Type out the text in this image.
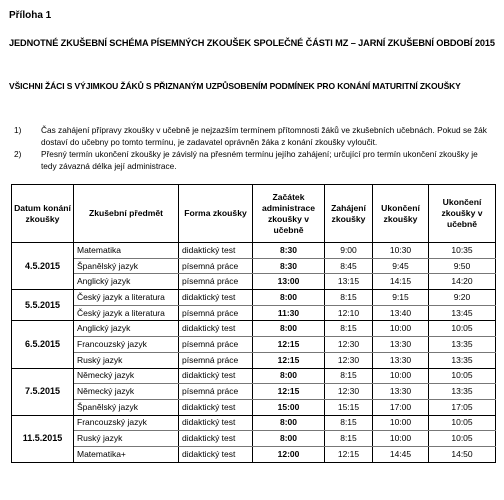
Příloha 1
JEDNOTNÉ ZKUŠEBNÍ SCHÉMA PÍSEMNÝCH ZKOUŠEK SPOLEČNÉ ČÁSTI MZ – JARNÍ ZKUŠEBNÍ OBDOBÍ 2015
VŠICHNI ŽÁCI S VÝJIMKOU ŽÁKŮ S PŘIZNANÝM UZPŮSOBENÍM PODMÍNEK PRO KONÁNÍ MATURITNÍ ZKOUŠKY
1) Čas zahájení přípravy zkoušky v učebně je nejzazším termínem přítomnosti žáků ve zkušebních učebnách. Pokud se žák dostaví do učebny po tomto termínu, je zadavatel oprávněn žáka z konání zkoušky vyloučit.
2) Přesný termín ukončení zkoušky je závislý na přesném termínu jejího zahájení; určující pro termín ukončení zkoušky je tedy závazná délka její administrace.
Datum konání zkoušky	Zkušební předmět	Forma zkoušky	Začátek administrace zkoušky v učebně	Zahájení zkoušky	Ukončení zkoušky	Ukončení zkoušky v učebně
4.5.2015	Matematika	didaktický test	8:30	9:00	10:30	10:35
	Španělský jazyk	písemná práce	8:30	8:45	9:45	9:50
	Anglický jazyk	písemná práce	13:00	13:15	14:15	14:20
5.5.2015	Český jazyk a literatura	didaktický test	8:00	8:15	9:15	9:20
	Český jazyk a literatura	písemná práce	11:30	12:10	13:40	13:45
6.5.2015	Anglický jazyk	didaktický test	8:00	8:15	10:00	10:05
	Francouzský jazyk	písemná práce	12:15	12:30	13:30	13:35
	Ruský jazyk	písemná práce	12:15	12:30	13:30	13:35
7.5.2015	Německý jazyk	didaktický test	8:00	8:15	10:00	10:05
	Německý jazyk	písemná práce	12:15	12:30	13:30	13:35
	Španělský jazyk	didaktický test	15:00	15:15	17:00	17:05
11.5.2015	Francouzský jazyk	didaktický test	8:00	8:15	10:00	10:05
	Ruský jazyk	didaktický test	8:00	8:15	10:00	10:05
	Matematika+	didaktický test	12:00	12:15	14:45	14:50
